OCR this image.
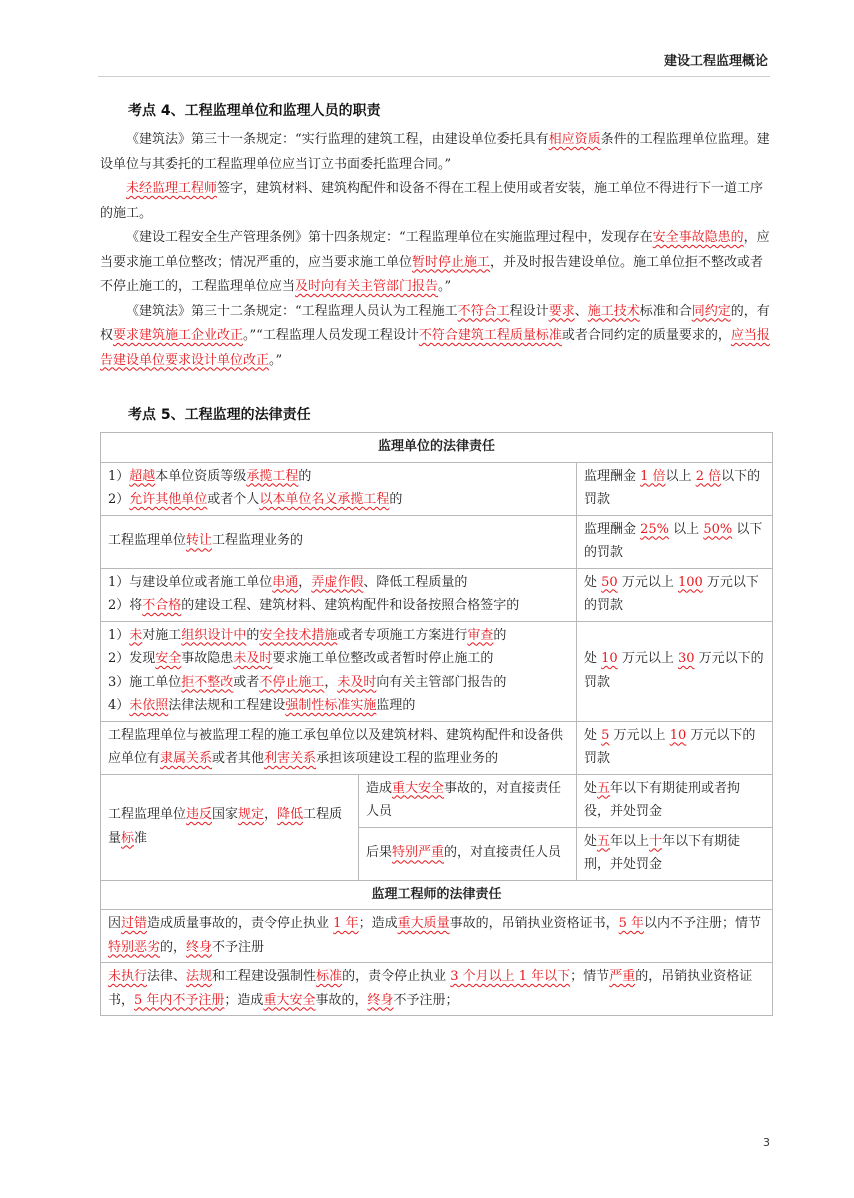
建设工程监理概论
考点 4、工程监理单位和监理人员的职责

《建筑法》第三十一条规定：“实行监理的建筑工程，由建设单位委托具有相应资质条件的工程监理单位监理。建设单位与其委托的工程监理单位应当订立书面委托监理合同。”

未经监理工程师签字，建筑材料、建筑构配件和设备不得在工程上使用或者安装，施工单位不得进行下一道工序的施工。

《建设工程安全生产管理条例》第十四条规定：“工程监理单位在实施监理过程中，发现存在安全事故隐患的，应当要求施工单位整改；情况严重的，应当要求施工单位暂时停止施工，并及时报告建设单位。施工单位拒不整改或者不停止施工的，工程监理单位应当及时向有关主管部门报告。”

《建筑法》第三十二条规定：“工程监理人员认为工程施工不符合工程设计要求、施工技术标准和合同约定的，有权要求建筑施工企业改正。”“工程监理人员发现工程设计不符合建筑工程质量标准或者合同约定的质量要求的，应当报告建设单位要求设计单位改正。”

考点 5、工程监理的法律责任
监理单位的法律责任		

1）超越本单位资质等级承揽工程的
2）允许其他单位或者个人以本单位名义承揽工程的		监理酬金 1 倍以上 2 倍以下的罚款

工程监理单位转让工程监理业务的		监理酬金 25% 以上 50% 以下的罚款

1）与建设单位或者施工单位串通，弄虚作假、降低工程质量的
2）将不合格的建设工程、建筑材料、建筑构配件和设备按照合格签字的		处 50 万元以上 100 万元以下的罚款

1）未对施工组织设计中的安全技术措施或者专项施工方案进行审查的
2）发现安全事故隐患未及时要求施工单位整改或者暂时停止施工的
3）施工单位拒不整改或者不停止施工，未及时向有关主管部门报告的
4）未依照法律法规和工程建设强制性标准实施监理的		处 10 万元以上 30 万元以下的罚款

工程监理单位与被监理工程的施工承包单位以及建筑材料、建筑构配件和设备供应单位有隶属关系或者其他利害关系承担该项建设工程的监理业务的		处 5 万元以上 10 万元以下的罚款

工程监理单位违反国家规定，降低工程质量标准	造成重大安全事故的，对直接责任人员	处五年以下有期徒刑或者拘役，并处罚金

	后果特别严重的，对直接责任人员	处五年以上十年以下有期徒刑，并处罚金

监理工程师的法律责任		

因过错造成质量事故的，责令停止执业 1 年；造成重大质量事故的，吊销执业资格证书，5 年以内不予注册；情节特别恶劣的，终身不予注册		

未执行法律、法规和工程建设强制性标准的，责令停止执业 3 个月以上 1 年以下；情节严重的，吊销执业资格证书，5 年内不予注册；造成重大安全事故的，终身不予注册；		
3
